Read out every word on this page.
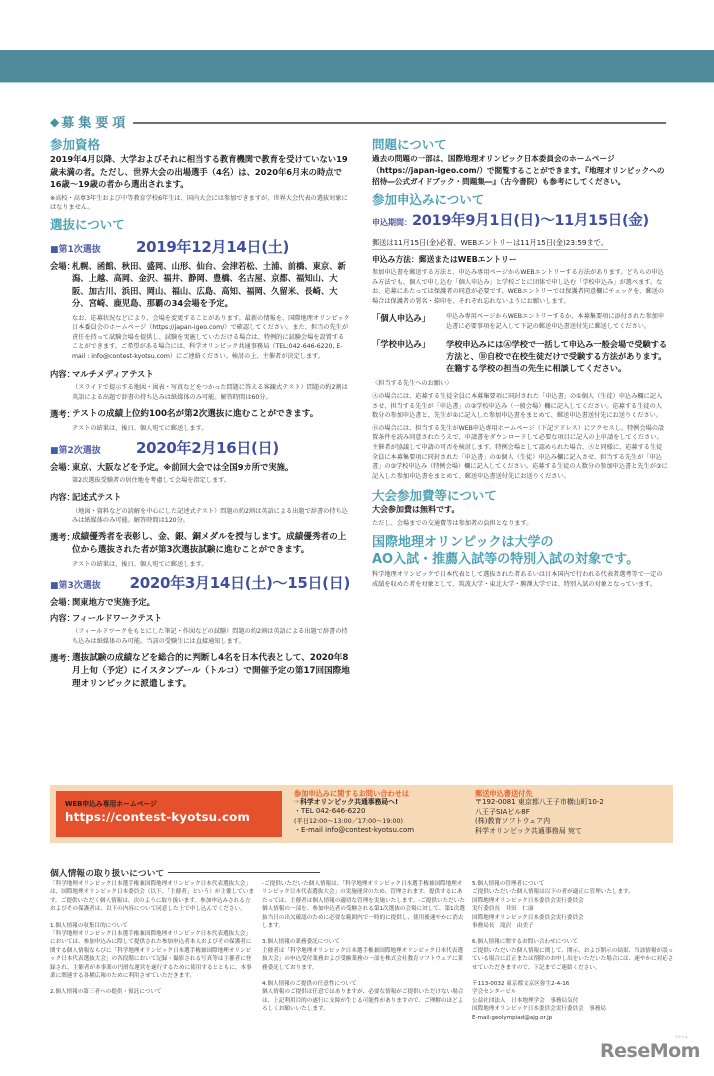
◆ 募集要項
参加資格
2019年4月以降、大学およびそれに相当する教育機関で教育を受けていない19歳未満の者。ただし、世界大会の出場選手（4名）は、2020年6月末の時点で16歳〜19歳の者から選出されます。
※高校・高専3年生および中等教育学校6年生は、国内大会には参加できますが、世界大会代表の選抜対象にはなりません。
選抜について
■第1次選抜	2019年12月14日(土)
会場：
札幌、函館、秋田、盛岡、山形、仙台、会津若松、土浦、前橋、東京、新潟、上越、高岡、金沢、福井、静岡、豊橋、名古屋、京都、福知山、大阪、加古川、浜田、岡山、福山、広島、高知、福岡、久留米、長崎、大分、宮崎、鹿児島、那覇の34会場を予定。
なお、応募状況などにより、会場を変更することがあります。最新の情報を、国際地理オリンピック日本委員会のホームページ（https://japan-igeo.com/）で確認してください。また、担当の先生が責任を持って試験会場を提供し、試験を実施していただける場合は、特例的に試験会場を設置することができます。ご希望がある場合には、科学オリンピック共通事務局（TEL:042-646-6220, E-mail : info@contest-kyotsu.com）にご連絡ください。検討の上、主催者が決定します。
内容：
マルチメディアテスト
（スライドで提示する地図・図表・写真などをつかった問題に答える客観式テスト）問題の約2割は英語による出題で辞書の持ち込みは紙媒体のみ可能。解答時間は60分。
選考：
テストの成績上位約100名が第2次選抜に進むことができます。
テストの結果は、後日、個人宛てに郵送します。
■第2次選抜	2020年2月16日(日)
会場：
東京、大阪などを予定。※前回大会では全国9カ所で実施。
第2次選抜受験者の居住地を考慮して会場を指定します。
内容：
記述式テスト
（地図・資料などの読解を中心にした記述式テスト）問題の約2割は英語による出題で辞書の持ち込みは紙媒体のみ可能。解答時間は120分。
選考：
成績優秀者を表彰し、金、銀、銅メダルを授与します。成績優秀者の上位から選抜された者が第3次選抜試験に進むことができます。
テストの結果は、後日、個人宛てに郵送します。
■第3次選抜	2020年3月14日(土)〜15日(日)
会場：
関東地方で実施予定。
内容：
フィールドワークテスト
（フィールドワークをもとにした筆記・作図などの試験）問題の約2割は英語による出題で辞書の持ち込みは紙媒体のみ可能。当該の受験生には直接通知します。
選考：
選抜試験の成績などを総合的に判断し4名を日本代表として、2020年8月上旬（予定）にイスタンブール（トルコ）で開催予定の第17回国際地理オリンピックに派遣します。
問題について
過去の問題の一部は、国際地理オリンピック日本委員会のホームページ（https://japan-igeo.com/）で閲覧することができます。『地理オリンピックへの招待―公式ガイドブック・問題集―』（古今書院）も参考にしてください。
参加申込みについて
申込期間： 2019年9月1日(日)〜11月15日(金)
郵送は11月15日(金)必着、WEBエントリーは11月15日(金)23:59まで。
申込み方法：郵送またはWEBエントリー
参加申込書を郵送する方法と、申込み専用ページからWEBエントリーする方法があります。どちらの申込み方法でも、個人で申し込む「個人申込み」と学校ごとに団体で申し込む「学校申込み」が選べます。なお、応募にあたっては保護者の同意が必要です。WEBエントリーでは保護者同意欄にチェックを、郵送の場合は保護者の署名・捺印を、それぞれ忘れないようにお願いします。
「個人申込み」	申込み専用ページからWEBエントリーするか、本募集要項に添付された参加申込書に必要事項を記入して下記の郵送申込書送付先に郵送してください。
「学校申込み」	学校申込みにはⒶ学校で一括して申込み一般会場で受験する方法と、Ⓑ自校で在校生徒だけで受験する方法があります。在籍する学校の担当の先生に相談してください。
〈担当する先生へのお願い〉
Ⓐの場合には、応募する生徒全員に本募集要項に同封された「申込書」の①個人（生徒）申込み欄に記入させ、担当する先生が「申込書」の②学校申込み（一般会場）欄に記入してください。応募する生徒の人数分の参加申込書と、先生が②に記入した参加申込書をまとめて、郵送申込書送付先にお送りください。
Ⓑの場合には、担当する先生がWEB申込専用ホームページ（下記アドレス）にアクセスし、特例会場の設置条件を読み同意されたうえで、申請書をダウンロードして必要な項目に記入の上申請をしてください。主催者が協議して申請の可否を検討します。特例会場として認められた場合、Ⓐと同様に、応募する生徒全員に本募集要項に同封された「申込書」の①個人（生徒）申込み欄に記入させ、担当する先生が「申込書」の③学校申込み（特例会場）欄に記入してください。応募する生徒の人数分の参加申込書と先生が③に記入した参加申込書をまとめて、郵送申込書送付先にお送りください。
大会参加費等について
大会参加費は無料です。
ただし、会場までの交通費等は参加者の負担となります。
国際地理オリンピックは大学の
AO入試・推薦入試等の特別入試の対象です。
科学地理オリンピックで日本代表として選抜された者あるいは日本国内で行われる代表者選考等で一定の成績を収めた者を対象として、筑波大学・東北大学・駒澤大学では、特別入試の対象となっています。
WEB申込み専用ホームページ
https://contest-kyotsu.com
参加申込みに関するお問い合わせは
☞科学オリンピック共通事務局へ!
・TEL 042-646-6220
(平日12:00〜13:00／17:00〜19:00)
・E-mail info@contest-kyotsu.com
郵送申込書送付先
〒192-0081 東京都八王子市横山町10-2
八王子SIAビル8F
(株)教育ソフトウェア内
科学オリンピック共通事務局 宛て
個人情報の取り扱いについて
「科学地理オリンピック日本選手権兼国際地理オリンピック日本代表選抜大会」は、国際地理オリンピック日本委員会（以下、「主催者」という）が主催しています。ご提供いただく個人情報は、次のように取り扱います。参加申込みされる方およびその保護者は、以下の内容について同意した上で申し込んでください。
1.個人情報の収集目的について
「科学地理オリンピック日本選手権兼国際地理オリンピック日本代表選抜大会」においては、参加申込みに際して提供された参加申込者本人およびその保護者に関する個人情報ならびに「科学地理オリンピック日本選手権兼国際地理オリンピック日本代表選抜大会」の各段階において記録・撮影される写真等は主催者に登録され、主催者が本事業の円滑な運営を遂行するために使用するとともに、本事業に関連する各種広報のために利用させていただきます。
2.個人情報の第三者への提供・預託について
-ご提供いただいた個人情報は、「科学地理オリンピック日本選手権兼国際地理オリンピック日本代表選抜大会」の実施運営のため、管理されます。提供するにあたっては、主催者は個人情報の適切な管理を実施いたします。-ご提供いただいた個人情報の一部を、参加申込者の受験される第1次選抜の会場に対して、第1次選抜当日の出欠確認のために必要な範囲内で一時的に提供し、使用後速やかに消去します。
3.個人情報の業務委託について
主催者は「科学地理オリンピック日本選手権兼国際地理オリンピック日本代表選抜大会」の申込受付業務および受験業務の一部を株式会社教育ソフトウェアに業務委託しております。
4.個人情報のご提供の任意性について
個人情報のご提供は任意ではありますが、必要な情報がご提供いただけない場合は、上記利用目的の遂行に支障が生じる可能性がありますので、ご理解のほどよろしくお願いいたします。
5.個人情報の管理者について
ご提供いただいた個人情報は以下の者が適正に管理いたします。
国際地理オリンピック日本委員会実行委員会
実行委員長　井田　仁康
国際地理オリンピック日本委員会実行委員会
事務局長　滝沢　由美子
6.個人情報に関するお問い合わせについて
ご提供いただいた個人情報に関して、開示、および開示の結果、当該情報が誤っている場合に訂正または削除のお申し出をいただいた場合には、速やかに対応させていただきますので、下記までご連絡ください。
〒113-0032 東京都文京区弥生2-4-16
学会センタービル
公益社団法人　日本地理学会　事務局気付
国際地理オリンピック日本委員会実行委員会　事務局
E-mail:geolympiad@ajg.or.jp
リセマム
ReseMom
